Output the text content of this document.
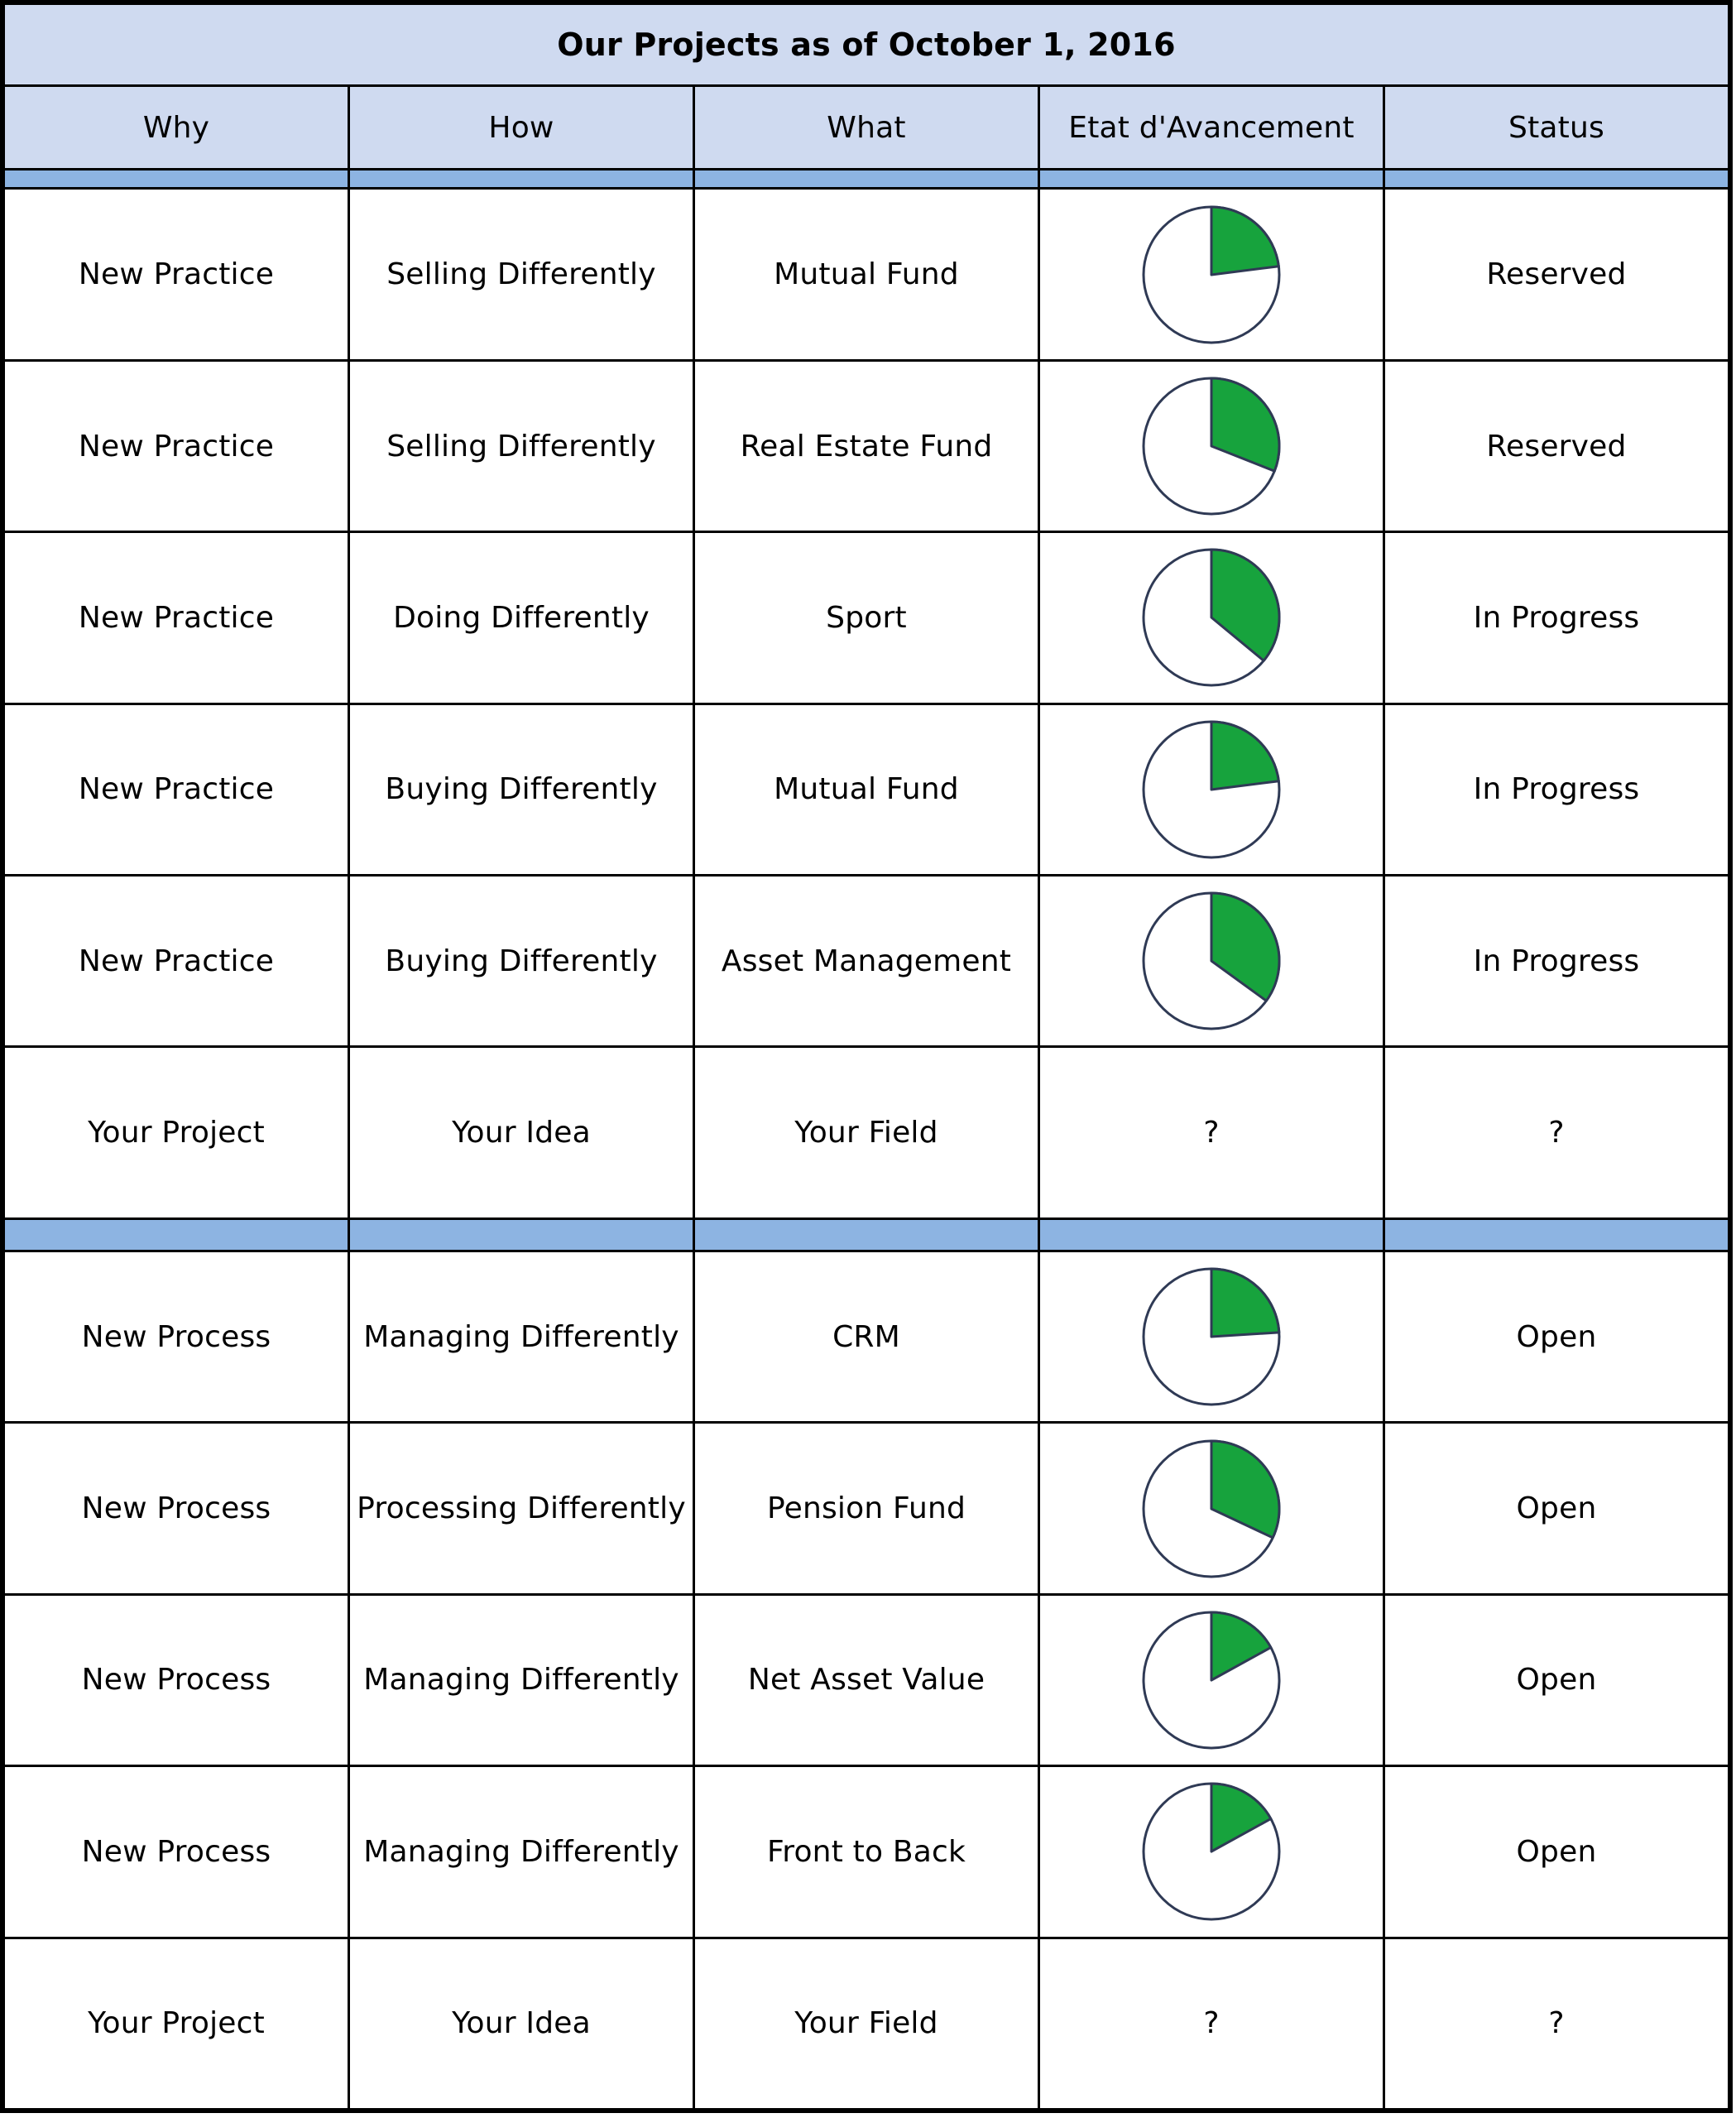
Our Projects as of October 1, 2016				
Why	How	What	Etat d'Avancement	Status

New Practice	Selling Differently	Mutual Fund		Reserved
New Practice	Selling Differently	Real Estate Fund		Reserved
New Practice	Doing Differently	Sport		In Progress
New Practice	Buying Differently	Mutual Fund		In Progress
New Practice	Buying Differently	Asset Management		In Progress
Your Project	Your Idea	Your Field	?	?

New Process	Managing Differently	CRM		Open
New Process	Processing Differently	Pension Fund		Open
New Process	Managing Differently	Net Asset Value		Open
New Process	Managing Differently	Front to Back		Open
Your Project	Your Idea	Your Field	?	?
